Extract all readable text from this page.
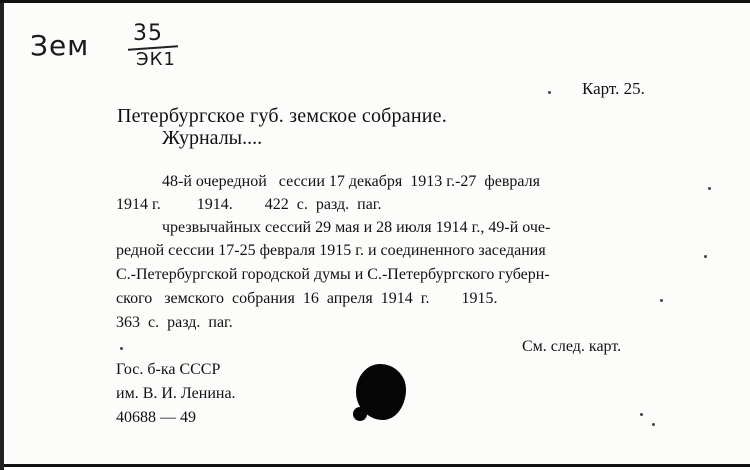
Зем 35
ЭК1
Карт. 25.
Петербургское губ. земское собрание.
Журналы....
48-й очередной   сессии 17 декабря  1913 г.-27  февраля
1914 г.         1914.        422  с.  разд.  паг.
чрезвычайных сессий 29 мая и 28 июля 1914 г., 49-й оче-
редной сессии 17-25 февраля 1915 г. и соединенного заседания
С.-Петербургской городской думы и С.-Петербургского губерн-
ского   земского  собрания  16  апреля  1914  г.        1915.
363  с.  разд.  паг.
См. след. карт.
Гос. б-ка СССР
им. В. И. Ленина.
40688 — 49
